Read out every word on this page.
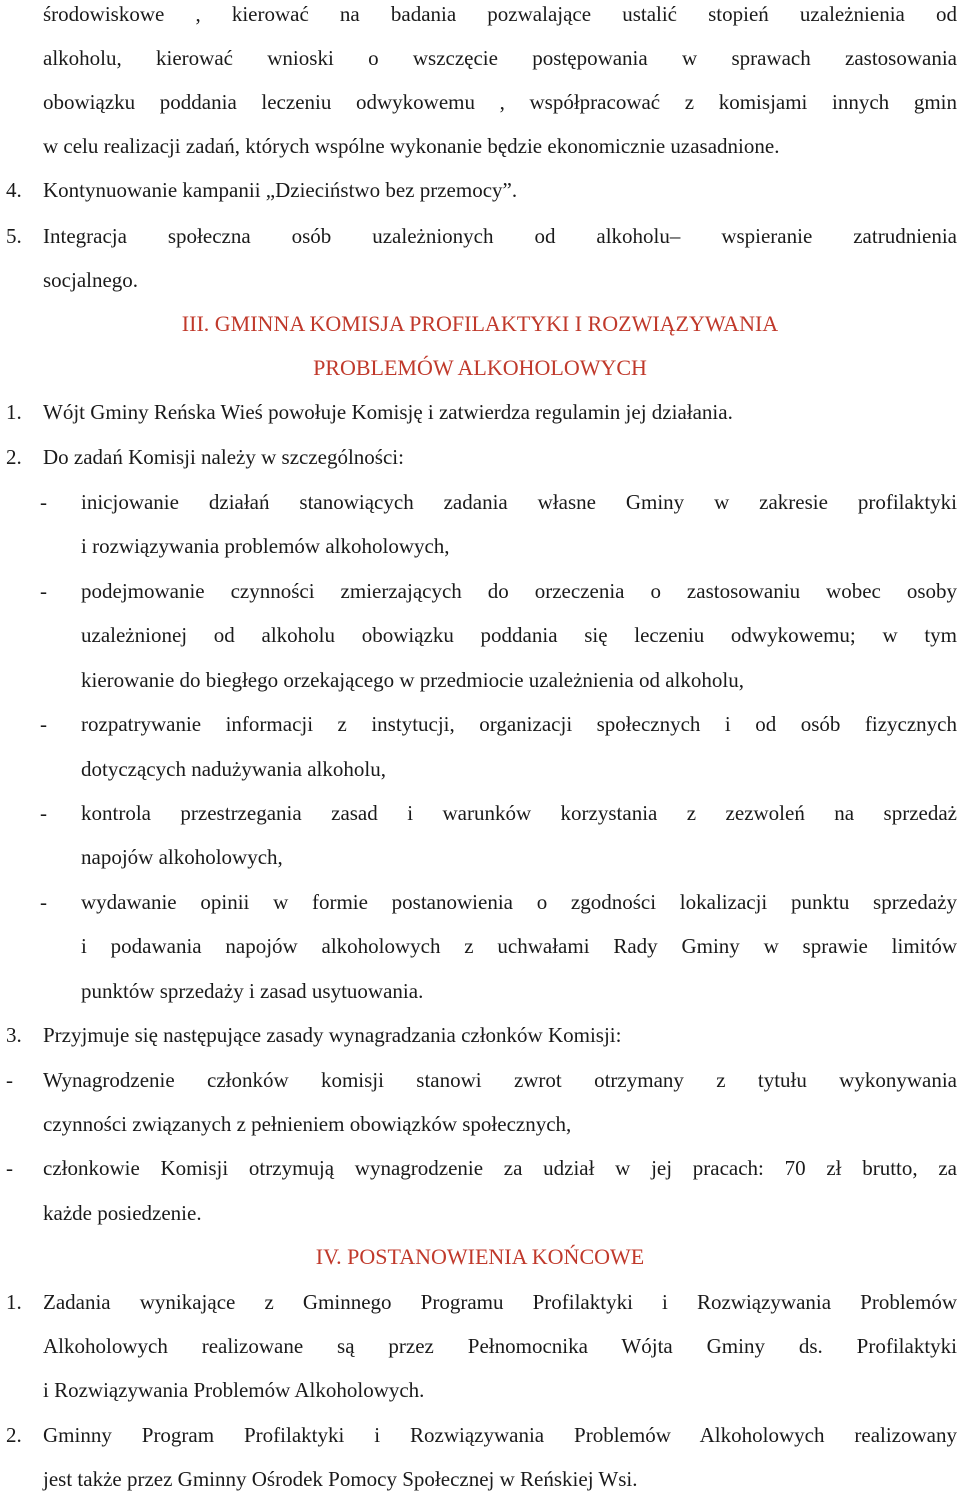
środowiskowe , kierować na badania pozwalające ustalić stopień uzależnienia od
alkoholu, kierować wnioski o wszczęcie postępowania w sprawach zastosowania
obowiązku poddania leczeniu odwykowemu , współpracować z komisjami innych gmin
w celu realizacji zadań, których wspólne wykonanie będzie ekonomicznie uzasadnione.
4. Kontynuowanie kampanii „Dzieciństwo bez przemocy”.
5. Integracja społeczna osób uzależnionych od alkoholu– wspieranie zatrudnienia
socjalnego.
III. GMINNA KOMISJA PROFILAKTYKI I ROZWIĄZYWANIA
PROBLEMÓW ALKOHOLOWYCH
1. Wójt Gminy Reńska Wieś powołuje Komisję i zatwierdza regulamin jej działania.
2. Do zadań Komisji należy w szczególności:
- inicjowanie działań stanowiących zadania własne Gminy w zakresie profilaktyki
i rozwiązywania problemów alkoholowych,
- podejmowanie czynności zmierzających do orzeczenia o zastosowaniu wobec osoby
uzależnionej od alkoholu obowiązku poddania się leczeniu odwykowemu; w tym
kierowanie do biegłego orzekającego w przedmiocie uzależnienia od alkoholu,
- rozpatrywanie informacji z instytucji, organizacji społecznych i od osób fizycznych
dotyczących nadużywania alkoholu,
- kontrola przestrzegania zasad i warunków korzystania z zezwoleń na sprzedaż
napojów alkoholowych,
- wydawanie opinii w formie postanowienia o zgodności lokalizacji punktu sprzedaży
i podawania napojów alkoholowych z uchwałami Rady Gminy w sprawie limitów
punktów sprzedaży i zasad usytuowania.
3. Przyjmuje się następujące zasady wynagradzania członków Komisji:
- Wynagrodzenie członków komisji stanowi zwrot otrzymany z tytułu wykonywania
czynności związanych z pełnieniem obowiązków społecznych,
- członkowie Komisji otrzymują wynagrodzenie za udział w jej pracach: 70 zł brutto, za
każde posiedzenie.
IV. POSTANOWIENIA KOŃCOWE
1. Zadania wynikające z Gminnego Programu Profilaktyki i Rozwiązywania Problemów
Alkoholowych realizowane są przez Pełnomocnika Wójta Gminy ds. Profilaktyki
i Rozwiązywania Problemów Alkoholowych.
2. Gminny Program Profilaktyki i Rozwiązywania Problemów Alkoholowych realizowany
jest także przez Gminny Ośrodek Pomocy Społecznej w Reńskiej Wsi.
